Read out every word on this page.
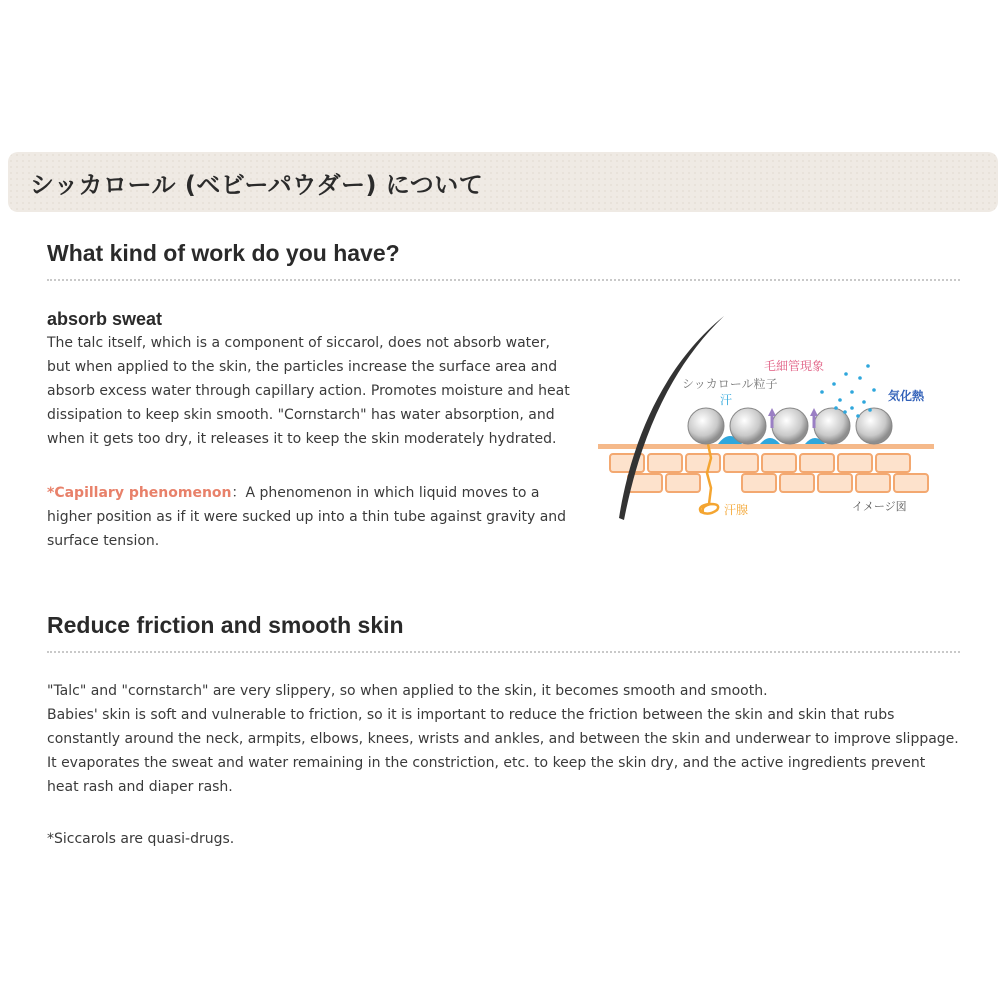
シッカロール (ベビーパウダー) について
What kind of work do you have?
absorb sweat

The talc itself, which is a component of siccarol, does not absorb water, but when applied to the skin, the particles increase the surface area and absorb excess water through capillary action. Promotes moisture and heat dissipation to keep skin smooth. "Cornstarch" has water absorption, and when it gets too dry, it releases it to keep the skin moderately hydrated.

*Capillary phenomenon：A phenomenon in which liquid moves to a higher position as if it were sucked up into a thin tube against gravity and surface tension.

毛細管現象
シッカロール粒子
汗	気化熱
汗腺	イメージ図
Reduce friction and smooth skin

"Talc" and "cornstarch" are very slippery, so when applied to the skin, it becomes smooth and smooth.

Babies' skin is soft and vulnerable to friction, so it is important to reduce the friction between the skin and skin that rubs constantly around the neck, armpits, elbows, knees, wrists and ankles, and between the skin and underwear to improve slippage.

It evaporates the sweat and water remaining in the constriction, etc. to keep the skin dry, and the active ingredients prevent heat rash and diaper rash.

*Siccarols are quasi-drugs.
